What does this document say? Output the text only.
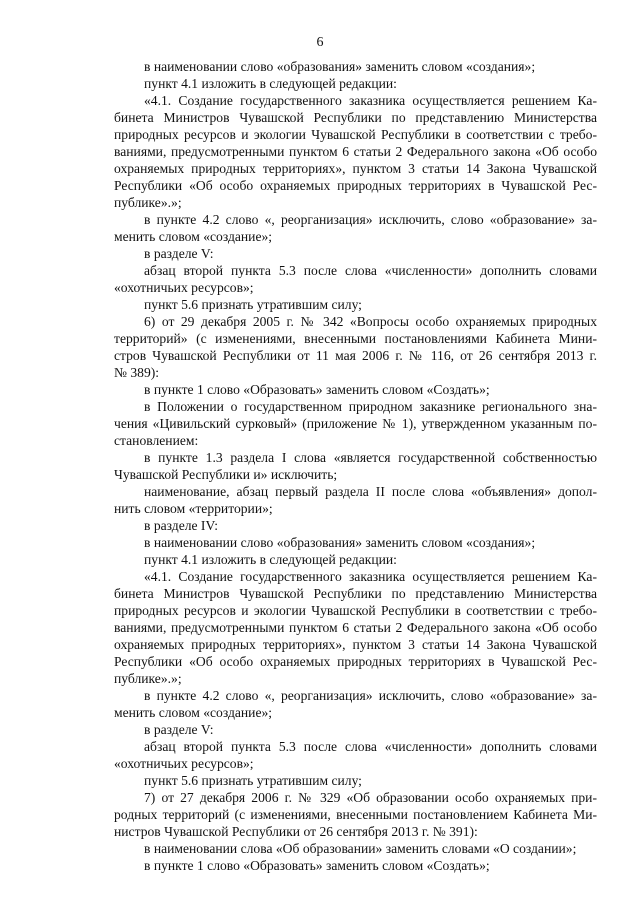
6
в наименовании слово «образования» заменить словом «создания»;
пункт 4.1 изложить в следующей редакции:
«4.1. Создание государственного заказника осуществляется решением Ка-
бинета Министров Чувашской Республики по представлению Министерства
природных ресурсов и экологии Чувашской Республики в соответствии с требо-
ваниями, предусмотренными пунктом 6 статьи 2 Федерального закона «Об особо
охраняемых природных территориях», пунктом 3 статьи 14 Закона Чувашской
Республики «Об особо охраняемых природных территориях в Чувашской Рес-
публике».»;
в пункте 4.2 слово «, реорганизация» исключить, слово «образование» за-
менить словом «создание»;
в разделе V:
абзац второй пункта 5.3 после слова «численности» дополнить словами
«охотничьих ресурсов»;
пункт 5.6 признать утратившим силу;
6) от 29 декабря 2005 г. № 342 «Вопросы особо охраняемых природных
территорий» (с изменениями, внесенными постановлениями Кабинета Мини-
стров Чувашской Республики от 11 мая 2006 г. № 116, от 26 сентября 2013 г.
№ 389):
в пункте 1 слово «Образовать» заменить словом «Создать»;
в Положении о государственном природном заказнике регионального зна-
чения «Цивильский сурковый» (приложение № 1), утвержденном указанным по-
становлением:
в пункте 1.3 раздела I слова «является государственной собственностью
Чувашской Республики и» исключить;
наименование, абзац первый раздела II после слова «объявления» допол-
нить словом «территории»;
в разделе IV:
в наименовании слово «образования» заменить словом «создания»;
пункт 4.1 изложить в следующей редакции:
«4.1. Создание государственного заказника осуществляется решением Ка-
бинета Министров Чувашской Республики по представлению Министерства
природных ресурсов и экологии Чувашской Республики в соответствии с требо-
ваниями, предусмотренными пунктом 6 статьи 2 Федерального закона «Об особо
охраняемых природных территориях», пунктом 3 статьи 14 Закона Чувашской
Республики «Об особо охраняемых природных территориях в Чувашской Рес-
публике».»;
в пункте 4.2 слово «, реорганизация» исключить, слово «образование» за-
менить словом «создание»;
в разделе V:
абзац второй пункта 5.3 после слова «численности» дополнить словами
«охотничьих ресурсов»;
пункт 5.6 признать утратившим силу;
7) от 27 декабря 2006 г. № 329 «Об образовании особо охраняемых при-
родных территорий (с изменениями, внесенными постановлением Кабинета Ми-
нистров Чувашской Республики от 26 сентября 2013 г. № 391):
в наименовании слова «Об образовании» заменить словами «О создании»;
в пункте 1 слово «Образовать» заменить словом «Создать»;
